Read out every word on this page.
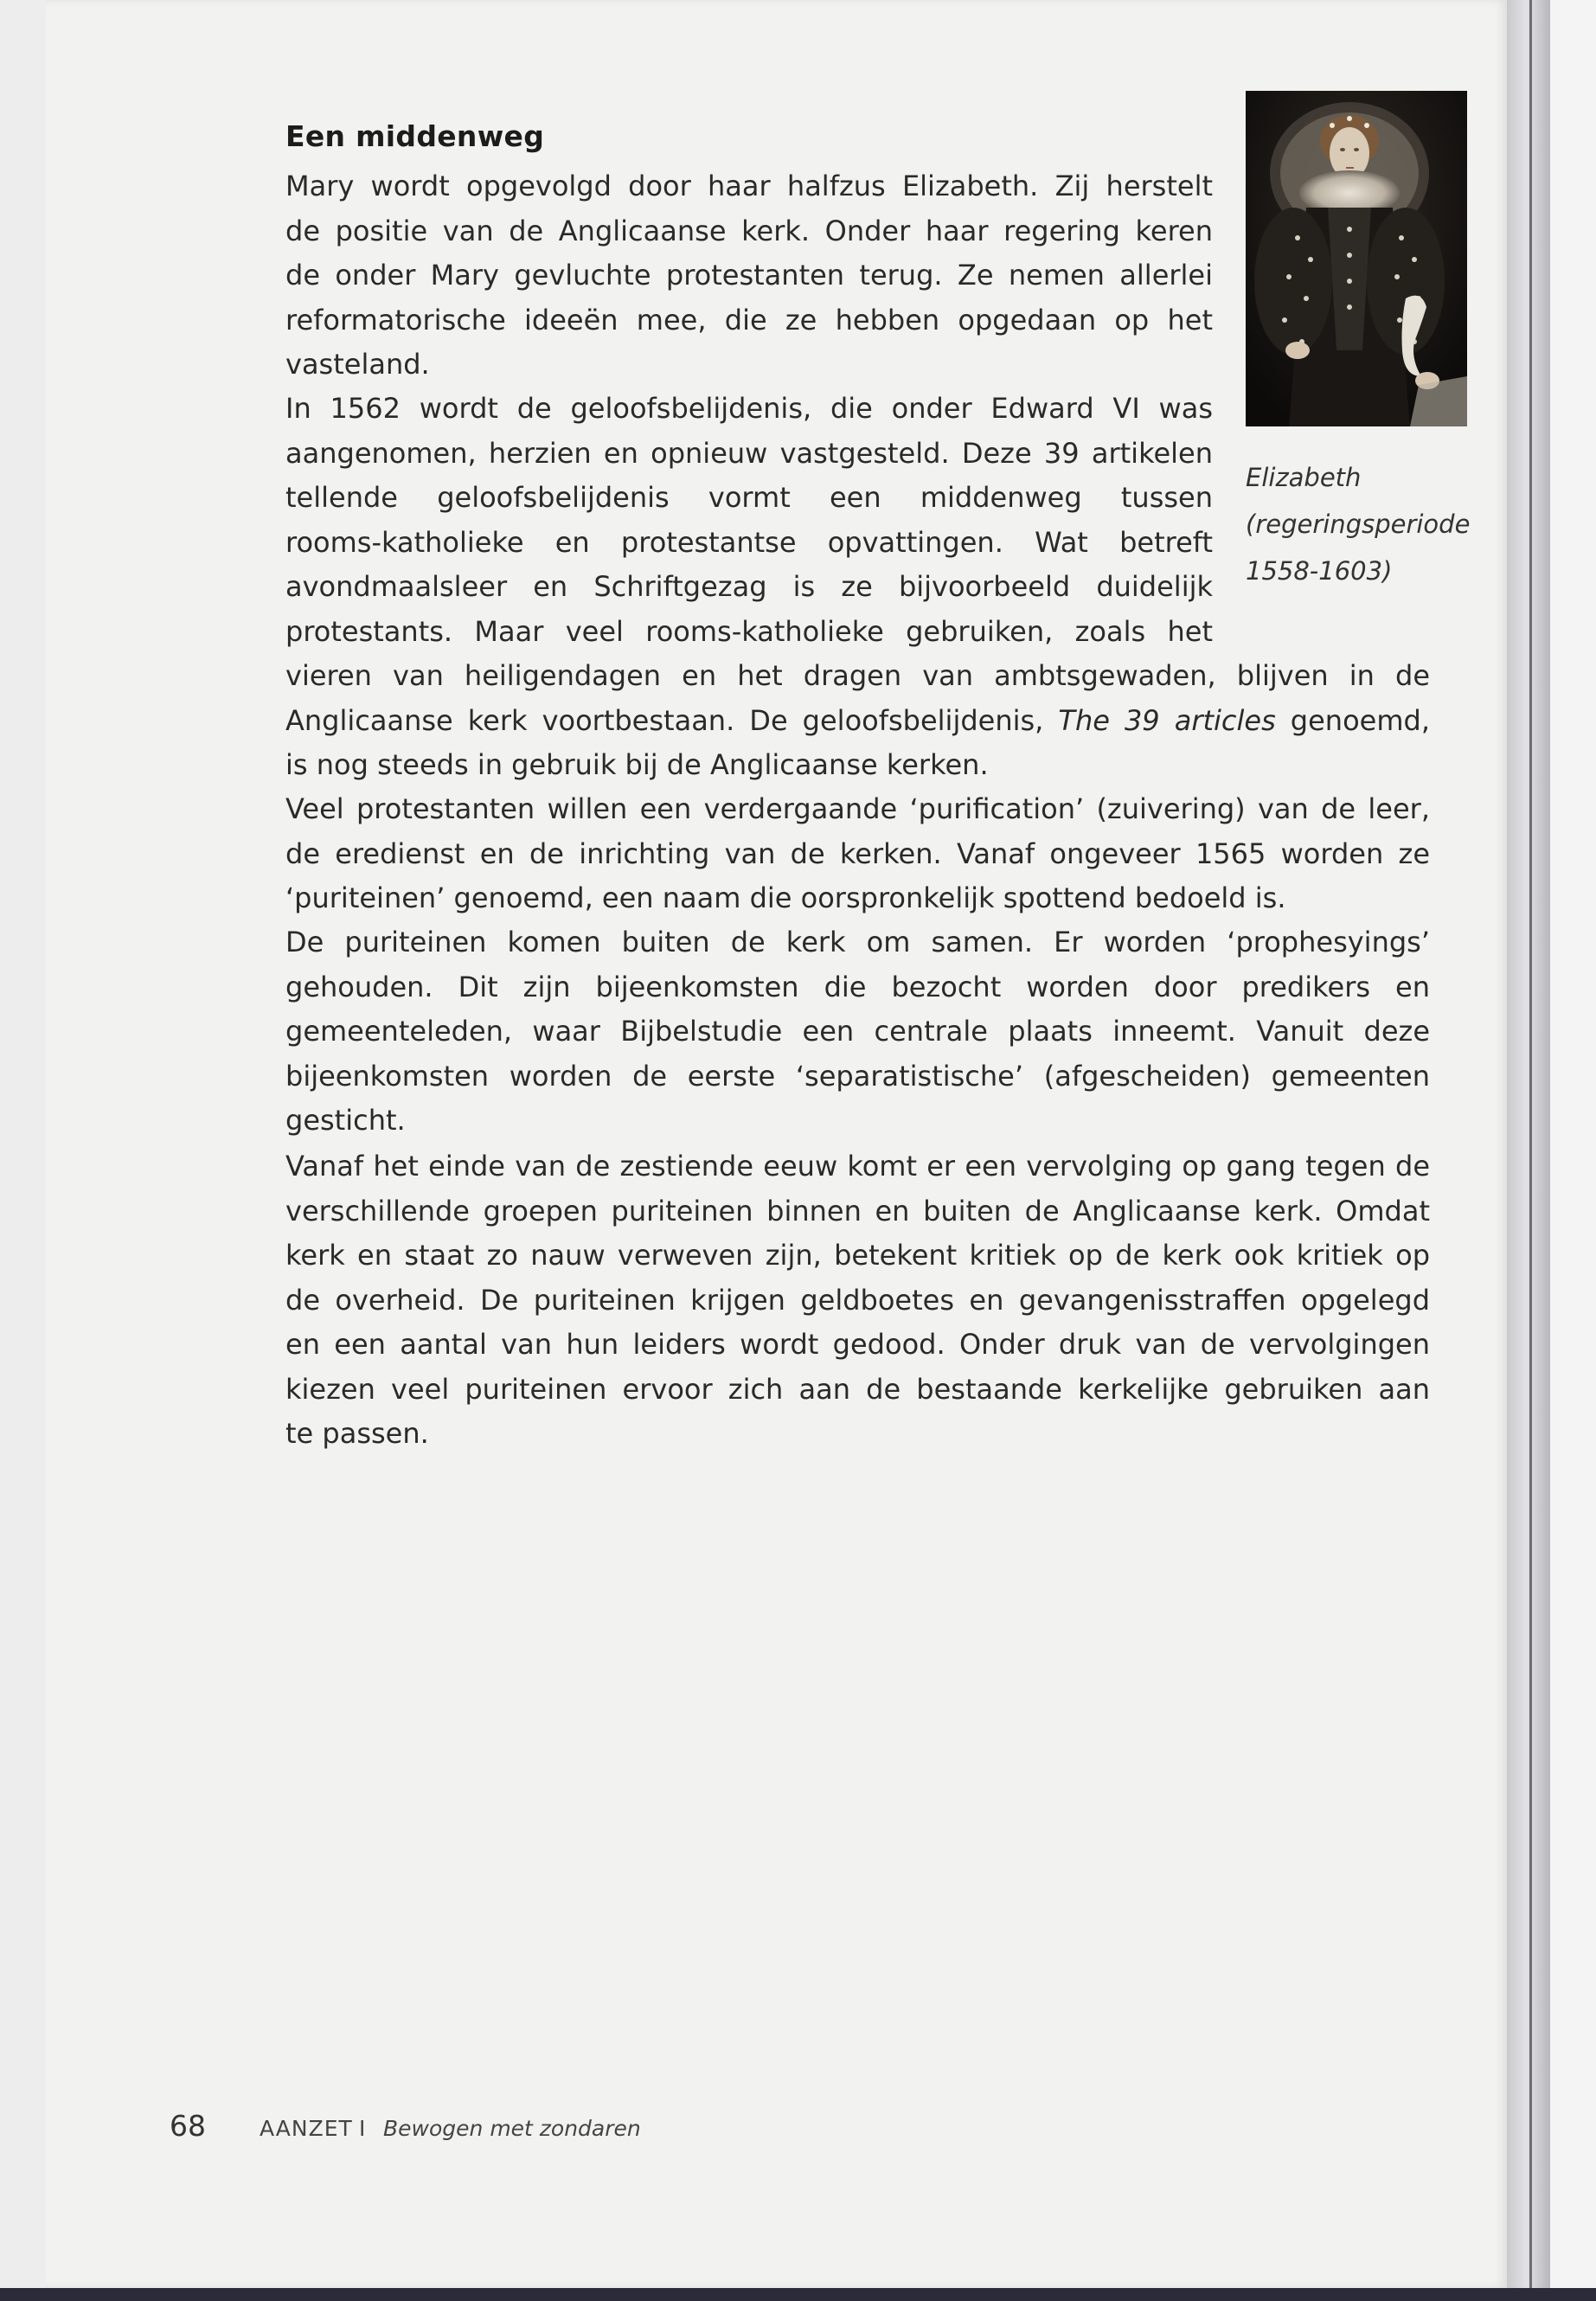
Een middenweg
Mary wordt opgevolgd door haar halfzus Elizabeth. Zij herstelt
de positie van de Anglicaanse kerk. Onder haar regering keren
de onder Mary gevluchte protestanten terug. Ze nemen allerlei
reformatorische ideeën mee, die ze hebben opgedaan op het
vasteland.
In 1562 wordt de geloofsbelijdenis, die onder Edward VI was
aangenomen, herzien en opnieuw vastgesteld. Deze 39 artikelen
tellende geloofsbelijdenis vormt een middenweg tussen
rooms-katholieke en protestantse opvattingen. Wat betreft
avondmaalsleer en Schriftgezag is ze bijvoorbeeld duidelijk
protestants. Maar veel rooms-katholieke gebruiken, zoals het
vieren van heiligendagen en het dragen van ambtsgewaden, blijven in de
Anglicaanse kerk voortbestaan. De geloofsbelijdenis, The 39 articles genoemd,
is nog steeds in gebruik bij de Anglicaanse kerken.
Veel protestanten willen een verdergaande ‘purification’ (zuivering) van de leer,
de eredienst en de inrichting van de kerken. Vanaf ongeveer 1565 worden ze
‘puriteinen’ genoemd, een naam die oorspronkelijk spottend bedoeld is.
De puriteinen komen buiten de kerk om samen. Er worden ‘prophesyings’
gehouden. Dit zijn bijeenkomsten die bezocht worden door predikers en
gemeenteleden, waar Bijbelstudie een centrale plaats inneemt. Vanuit deze
bijeenkomsten worden de eerste ‘separatistische’ (afgescheiden) gemeenten
gesticht.
Vanaf het einde van de zestiende eeuw komt er een vervolging op gang tegen de
verschillende groepen puriteinen binnen en buiten de Anglicaanse kerk. Omdat
kerk en staat zo nauw verweven zijn, betekent kritiek op de kerk ook kritiek op
de overheid. De puriteinen krijgen geldboetes en gevangenisstraffen opgelegd
en een aantal van hun leiders wordt gedood. Onder druk van de vervolgingen
kiezen veel puriteinen ervoor zich aan de bestaande kerkelijke gebruiken aan
te passen.
Elizabeth
(regeringsperiode
1558-1603)
68 AANZET I Bewogen met zondaren
